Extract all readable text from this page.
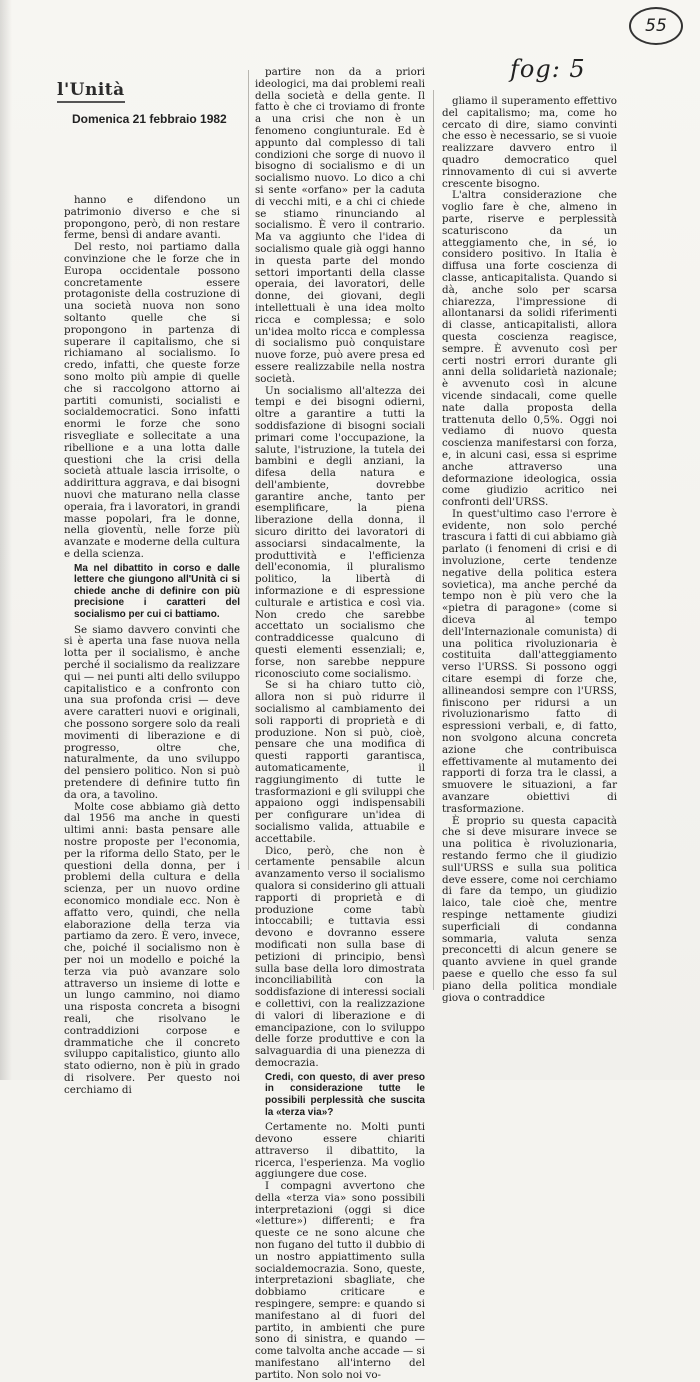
55
fog: 5
l'Unità
Domenica 21 febbraio 1982

hanno e difendono un patrimonio diverso e che si propongono, però, di non restare ferme, bensì di andare avanti.

Del resto, noi partiamo dalla convinzione che le forze che in Europa occidentale possono concretamente essere protagoniste della costruzione di una società nuova non sono soltanto quelle che si propongono in partenza di superare il capitalismo, che si richiamano al socialismo. Io credo, infatti, che queste forze sono molto più ampie di quelle che si raccolgono attorno ai partiti comunisti, socialisti e socialdemocratici. Sono infatti enormi le forze che sono risvegliate e sollecitate a una ribellione e a una lotta dalle questioni che la crisi della società attuale lascia irrisolte, o addirittura aggrava, e dai bisogni nuovi che maturano nella classe operaia, fra i lavoratori, in grandi masse popolari, fra le donne, nella gioventù, nelle forze più avanzate e moderne della cultura e della scienza.

Ma nel dibattito in corso e dalle lettere che giungono all'Unità ci si chiede anche di definire con più precisione i caratteri del socialismo per cui ci battiamo.

Se siamo davvero convinti che si è aperta una fase nuova nella lotta per il socialismo, è anche perché il socialismo da realizzare qui — nei punti alti dello sviluppo capitalistico e a confronto con una sua profonda crisi — deve avere caratteri nuovi e originali, che possono sorgere solo da reali movimenti di liberazione e di progresso, oltre che, naturalmente, da uno sviluppo del pensiero politico. Non si può pretendere di definire tutto fin da ora, a tavolino.

Molte cose abbiamo già detto dal 1956 ma anche in questi ultimi anni: basta pensare alle nostre proposte per l'economia, per la riforma dello Stato, per le questioni della donna, per i problemi della cultura e della scienza, per un nuovo ordine economico mondiale ecc. Non è affatto vero, quindi, che nella elaborazione della terza via partiamo da zero. È vero, invece, che, poiché il socialismo non è per noi un modello e poiché la terza via può avanzare solo attraverso un insieme di lotte e un lungo cammino, noi diamo una risposta concreta a bisogni reali, che risolvano le contraddizioni corpose e drammatiche che il concreto sviluppo capitalistico, giunto allo stato odierno, non è più in grado di risolvere. Per questo noi cerchiamo di

partire non da a priori ideologici, ma dai problemi reali della società e della gente. Il fatto è che ci troviamo di fronte a una crisi che non è un fenomeno congiunturale. Ed è appunto dal complesso di tali condizioni che sorge di nuovo il bisogno di socialismo e di un socialismo nuovo. Lo dico a chi si sente «orfano» per la caduta di vecchi miti, e a chi ci chiede se stiamo rinunciando al socialismo. È vero il contrario. Ma va aggiunto che l'idea di socialismo quale già oggi hanno in questa parte del mondo settori importanti della classe operaia, dei lavoratori, delle donne, dei giovani, degli intellettuali è una idea molto ricca e complessa; e solo un'idea molto ricca e complessa di socialismo può conquistare nuove forze, può avere presa ed essere realizzabile nella nostra società.

Un socialismo all'altezza dei tempi e dei bisogni odierni, oltre a garantire a tutti la soddisfazione di bisogni sociali primari come l'occupazione, la salute, l'istruzione, la tutela dei bambini e degli anziani, la difesa della natura e dell'ambiente, dovrebbe garantire anche, tanto per esemplificare, la piena liberazione della donna, il sicuro diritto dei lavoratori di associarsi sindacalmente, la produttività e l'efficienza dell'economia, il pluralismo politico, la libertà di informazione e di espressione culturale e artistica e così via. Non credo che sarebbe accettato un socialismo che contraddicesse qualcuno di questi elementi essenziali; e, forse, non sarebbe neppure riconosciuto come socialismo.

Se si ha chiaro tutto ciò, allora non si può ridurre il socialismo al cambiamento dei soli rapporti di proprietà e di produzione. Non si può, cioè, pensare che una modifica di questi rapporti garantisca, automaticamente, il raggiungimento di tutte le trasformazioni e gli sviluppi che appaiono oggi indispensabili per configurare un'idea di socialismo valida, attuabile e accettabile.

Dico, però, che non è certamente pensabile alcun avanzamento verso il socialismo qualora si considerino gli attuali rapporti di proprietà e di produzione come tabù intoccabili; e tuttavia essi devono e dovranno essere modificati non sulla base di petizioni di principio, bensì sulla base della loro dimostrata inconciliabilità con la soddisfazione di interessi sociali e collettivi, con la realizzazione di valori di liberazione e di emancipazione, con lo sviluppo delle forze produttive e con la salvaguardia di una pienezza di democrazia.

Credi, con questo, di aver preso in considerazione tutte le possibili perplessità che suscita la «terza via»?

Certamente no. Molti punti devono essere chiariti attraverso il dibattito, la ricerca, l'esperienza. Ma voglio aggiungere due cose.

I compagni avvertono che della «terza via» sono possibili interpretazioni (oggi si dice «letture») differenti; e fra queste ce ne sono alcune che non fugano del tutto il dubbio di un nostro appiattimento sulla socialdemocrazia. Sono, queste, interpretazioni sbagliate, che dobbiamo criticare e respingere, sempre: e quando si manifestano al di fuori del partito, in ambienti che pure sono di sinistra, e quando — come talvolta anche accade — si manifestano all'interno del partito. Non solo noi vo-

gliamo il superamento effettivo del capitalismo; ma, come ho cercato di dire, siamo convinti che esso è necessario, se si vuoie realizzare davvero entro il quadro democratico quel rinnovamento di cui si avverte crescente bisogno.

L'altra considerazione che voglio fare è che, almeno in parte, riserve e perplessità scaturiscono da un atteggiamento che, in sé, io considero positivo. In Italia è diffusa una forte coscienza di classe, anticapitalista. Quando si dà, anche solo per scarsa chiarezza, l'impressione di allontanarsi da solidi riferimenti di classe, anticapitalisti, allora questa coscienza reagisce, sempre. È avvenuto così per certi nostri errori durante gli anni della solidarietà nazionale; è avvenuto così in alcune vicende sindacali, come quelle nate dalla proposta della trattenuta dello 0,5%. Oggi noi vediamo di nuovo questa coscienza manifestarsi con forza, e, in alcuni casi, essa si esprime anche attraverso una deformazione ideologica, ossia come giudizio acritico nei confronti dell'URSS.

In quest'ultimo caso l'errore è evidente, non solo perché trascura i fatti di cui abbiamo già parlato (i fenomeni di crisi e di involuzione, certe tendenze negative della politica estera sovietica), ma anche perché da tempo non è più vero che la «pietra di paragone» (come si diceva al tempo dell'Internazionale comunista) di una politica rivoluzionaria è costituita dall'atteggiamento verso l'URSS. Si possono oggi citare esempi di forze che, allineandosi sempre con l'URSS, finiscono per ridursi a un rivoluzionarismo fatto di espressioni verbali, e, di fatto, non svolgono alcuna concreta azione che contribuisca effettivamente al mutamento dei rapporti di forza tra le classi, a smuovere le situazioni, a far avanzare obiettivi di trasformazione.

È proprio su questa capacità che si deve misurare invece se una politica è rivoluzionaria, restando fermo che il giudizio sull'URSS e sulla sua politica deve essere, come noi cerchiamo di fare da tempo, un giudizio laico, tale cioè che, mentre respinge nettamente giudizi superficiali di condanna sommaria, valuta senza preconcetti di alcun genere se quanto avviene in quel grande paese e quello che esso fa sul piano della politica mondiale giova o contraddice
